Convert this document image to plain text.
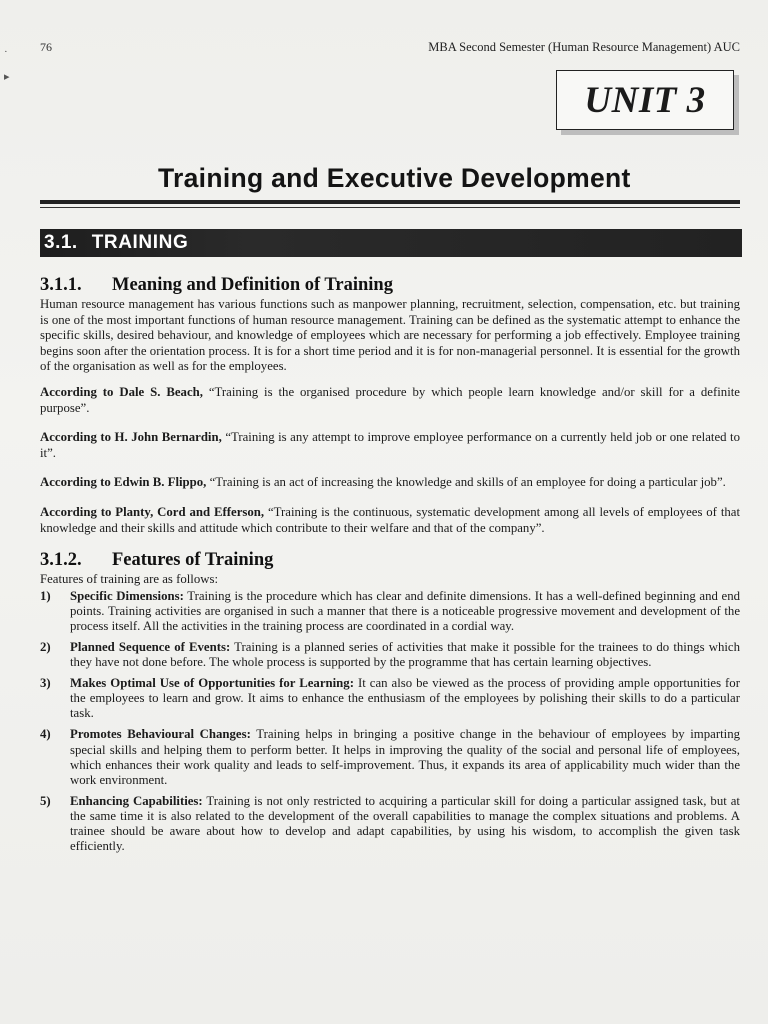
76	MBA Second Semester (Human Resource Management) AUC
UNIT 3
Training and Executive Development
3.1. TRAINING
3.1.1. Meaning and Definition of Training

Human resource management has various functions such as manpower planning, recruitment, selection, compensation, etc. but training is one of the most important functions of human resource management. Training can be defined as the systematic attempt to enhance the specific skills, desired behaviour, and knowledge of employees which are necessary for performing a job effectively. Employee training begins soon after the orientation process. It is for a short time period and it is for non-managerial personnel. It is essential for the growth of the organisation as well as for the employees.

According to Dale S. Beach, “Training is the organised procedure by which people learn knowledge and/or skill for a definite purpose”.

According to H. John Bernardin, “Training is any attempt to improve employee performance on a currently held job or one related to it”.

According to Edwin B. Flippo, “Training is an act of increasing the knowledge and skills of an employee for doing a particular job”.

According to Planty, Cord and Efferson, “Training is the continuous, systematic development among all levels of employees of that knowledge and their skills and attitude which contribute to their welfare and that of the company”.

3.1.2. Features of Training

Features of training are as follows:

1)	Specific Dimensions: Training is the procedure which has clear and definite dimensions. It has a well-defined beginning and end points. Training activities are organised in such a manner that there is a noticeable progressive movement and development of the process itself. All the activities in the training process are coordinated in a cordial way.
2)	Planned Sequence of Events: Training is a planned series of activities that make it possible for the trainees to do things which they have not done before. The whole process is supported by the programme that has certain learning objectives.
3)	Makes Optimal Use of Opportunities for Learning: It can also be viewed as the process of providing ample opportunities for the employees to learn and grow. It aims to enhance the enthusiasm of the employees by polishing their skills to do a particular task.
4)	Promotes Behavioural Changes: Training helps in bringing a positive change in the behaviour of employees by imparting special skills and helping them to perform better. It helps in improving the quality of the social and personal life of employees, which enhances their work quality and leads to self-improvement. Thus, it expands its area of applicability much wider than the work environment.
5)	Enhancing Capabilities: Training is not only restricted to acquiring a particular skill for doing a particular assigned task, but at the same time it is also related to the development of the overall capabilities to manage the complex situations and problems. A trainee should be aware about how to develop and adapt capabilities, by using his wisdom, to accomplish the given task efficiently.
·
▸
